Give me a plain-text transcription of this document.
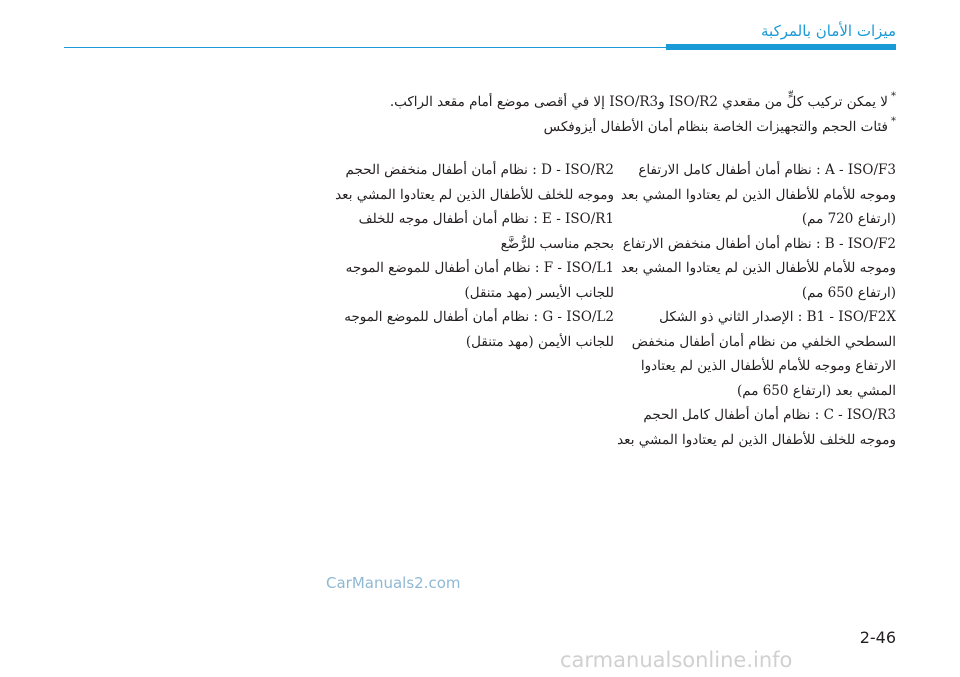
ميزات الأمان بالمركبة
*
لا يمكن تركيب كلٍّ من مقعدي ISO/R2 وISO/R3 إلا في أقصى موضع أمام مقعد الراكب.
*
فئات الحجم والتجهيزات الخاصة بنظام أمان الأطفال أيزوفكس

A - ISO/F3 : نظام أمان أطفال كامل الارتفاع وموجه للأمام للأطفال الذين لم يعتادوا المشي بعد (ارتفاع 720 مم)

B - ISO/F2 : نظام أمان أطفال منخفض الارتفاع وموجه للأمام للأطفال الذين لم يعتادوا المشي بعد (ارتفاع 650 مم)

B1 - ISO/F2X : الإصدار الثاني ذو الشكل السطحي الخلفي من نظام أمان أطفال منخفض الارتفاع وموجه للأمام للأطفال الذين لم يعتادوا المشي بعد (ارتفاع 650 مم)

C - ISO/R3 : نظام أمان أطفال كامل الحجم وموجه للخلف للأطفال الذين لم يعتادوا المشي بعد

D - ISO/R2 : نظام أمان أطفال منخفض الحجم وموجه للخلف للأطفال الذين لم يعتادوا المشي بعد

E - ISO/R1 : نظام أمان أطفال موجه للخلف بحجم مناسب للرُّضَّع

F - ISO/L1 : نظام أمان أطفال للموضع الموجه للجانب الأيسر (مهد متنقل)

G - ISO/L2 : نظام أمان أطفال للموضع الموجه للجانب الأيمن (مهد متنقل)

CarManuals2.com
2-46
carmanualsonline.info
